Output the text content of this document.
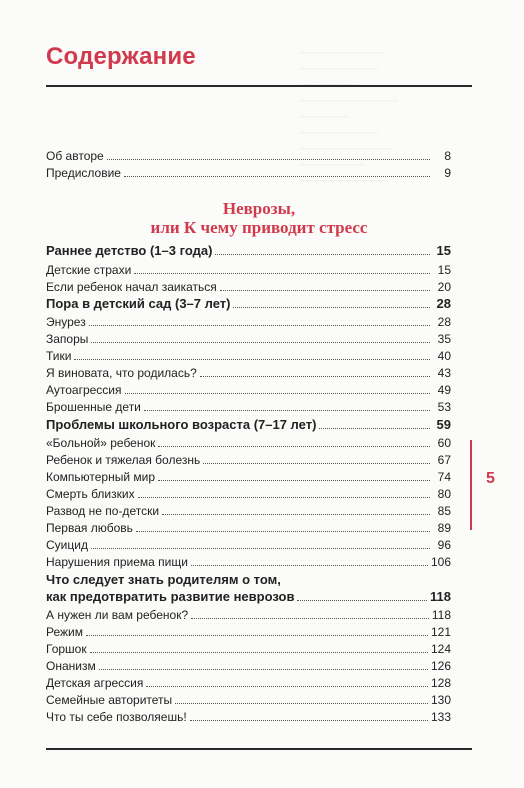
~~~~~~~~~~~~~~~~~
~~~~~~~~~~~~~~~~
~~~~~~~~~~~~~~~~~~~~
~~~~~~~~~~
~~~~~~~~~~~~~~~~
~~~~~~~~~~~~~~~~~~~
~~~~~~~~~~~~~
~~~~~~~~~~~~~~~~~~
Содержание
Об авторе	8
Предисловие	9
Неврозы,
или К чему приводит стресс
Раннее детство (1–3 года)	15
Детские страхи	15
Если ребенок начал заикаться	20
Пора в детский сад (3–7 лет)	28
Энурез	28
Запоры	35
Тики	40
Я виновата, что родилась?	43
Аутоагрессия	49
Брошенные дети	53
Проблемы школьного возраста (7–17 лет)	59
«Больной» ребенок	60
Ребенок и тяжелая болезнь	67
Компьютерный мир	74
Смерть близких	80
Развод не по-детски	85
Первая любовь	89
Суицид	96
Нарушения приема пищи	106
Что следует знать родителям о том,
как предотвратить развитие неврозов	118
А нужен ли вам ребенок?	118
Режим	121
Горшок	124
Онанизм	126
Детская агрессия	128
Семейные авторитеты	130
Что ты себе позволяешь!	133
5
